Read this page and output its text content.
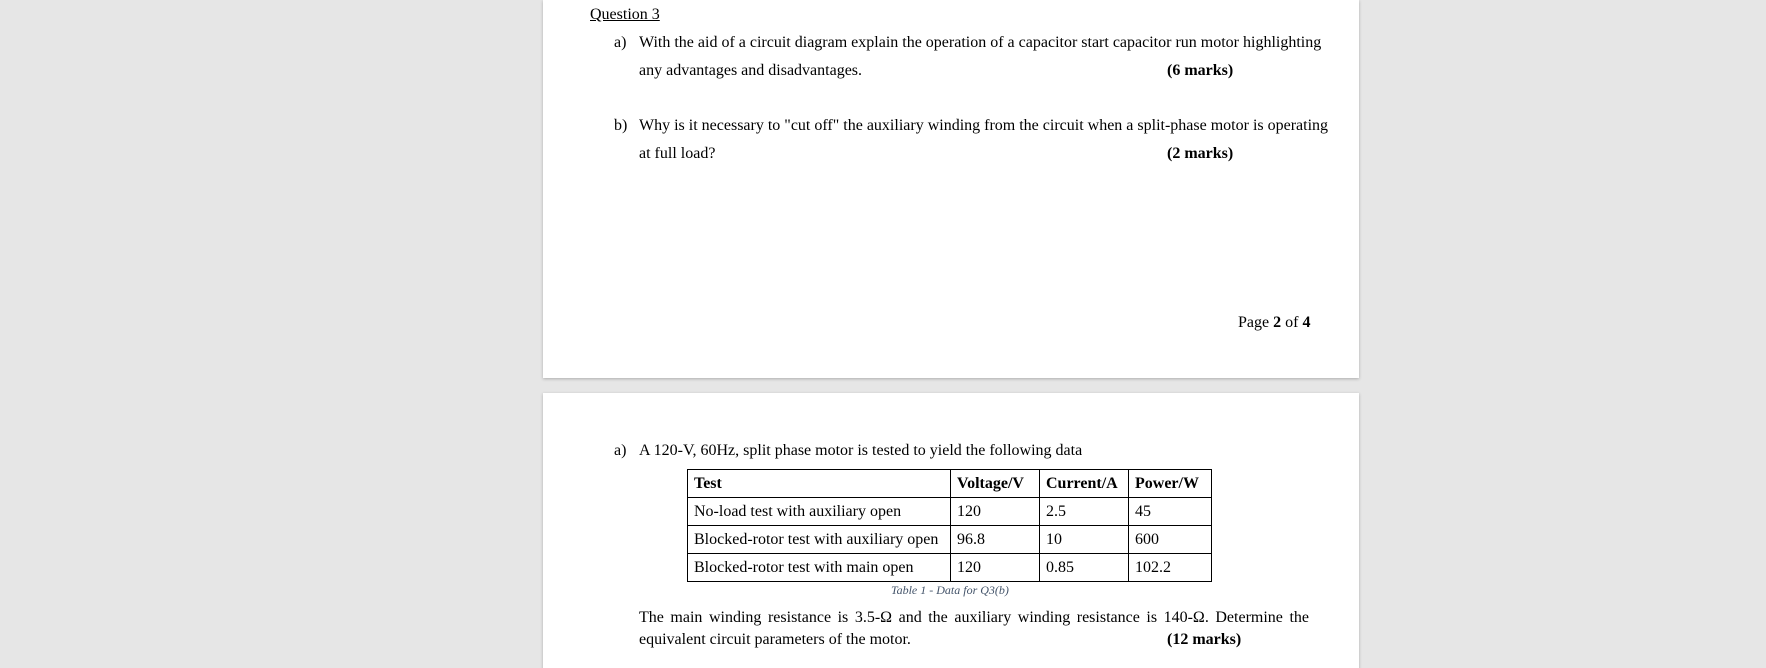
Question 3
a) With the aid of a circuit diagram explain the operation of a capacitor start capacitor run motor highlighting
any advantages and disadvantages.	(6 marks)
b) Why is it necessary to "cut off" the auxiliary winding from the circuit when a split-phase motor is operating
at full load?	(2 marks)
Page 2 of 4
a) A 120-V, 60Hz, split phase motor is tested to yield the following data
Test	Voltage/V	Current/A	Power/W
No-load test with auxiliary open	120	2.5	45
Blocked-rotor test with auxiliary open	96.8	10	600
Blocked-rotor test with main open	120	0.85	102.2
Table 1 - Data for Q3(b)
The main winding resistance is 3.5-Ω and the auxiliary winding resistance is 140-Ω. Determine the
equivalent circuit parameters of the motor.	(12 marks)
